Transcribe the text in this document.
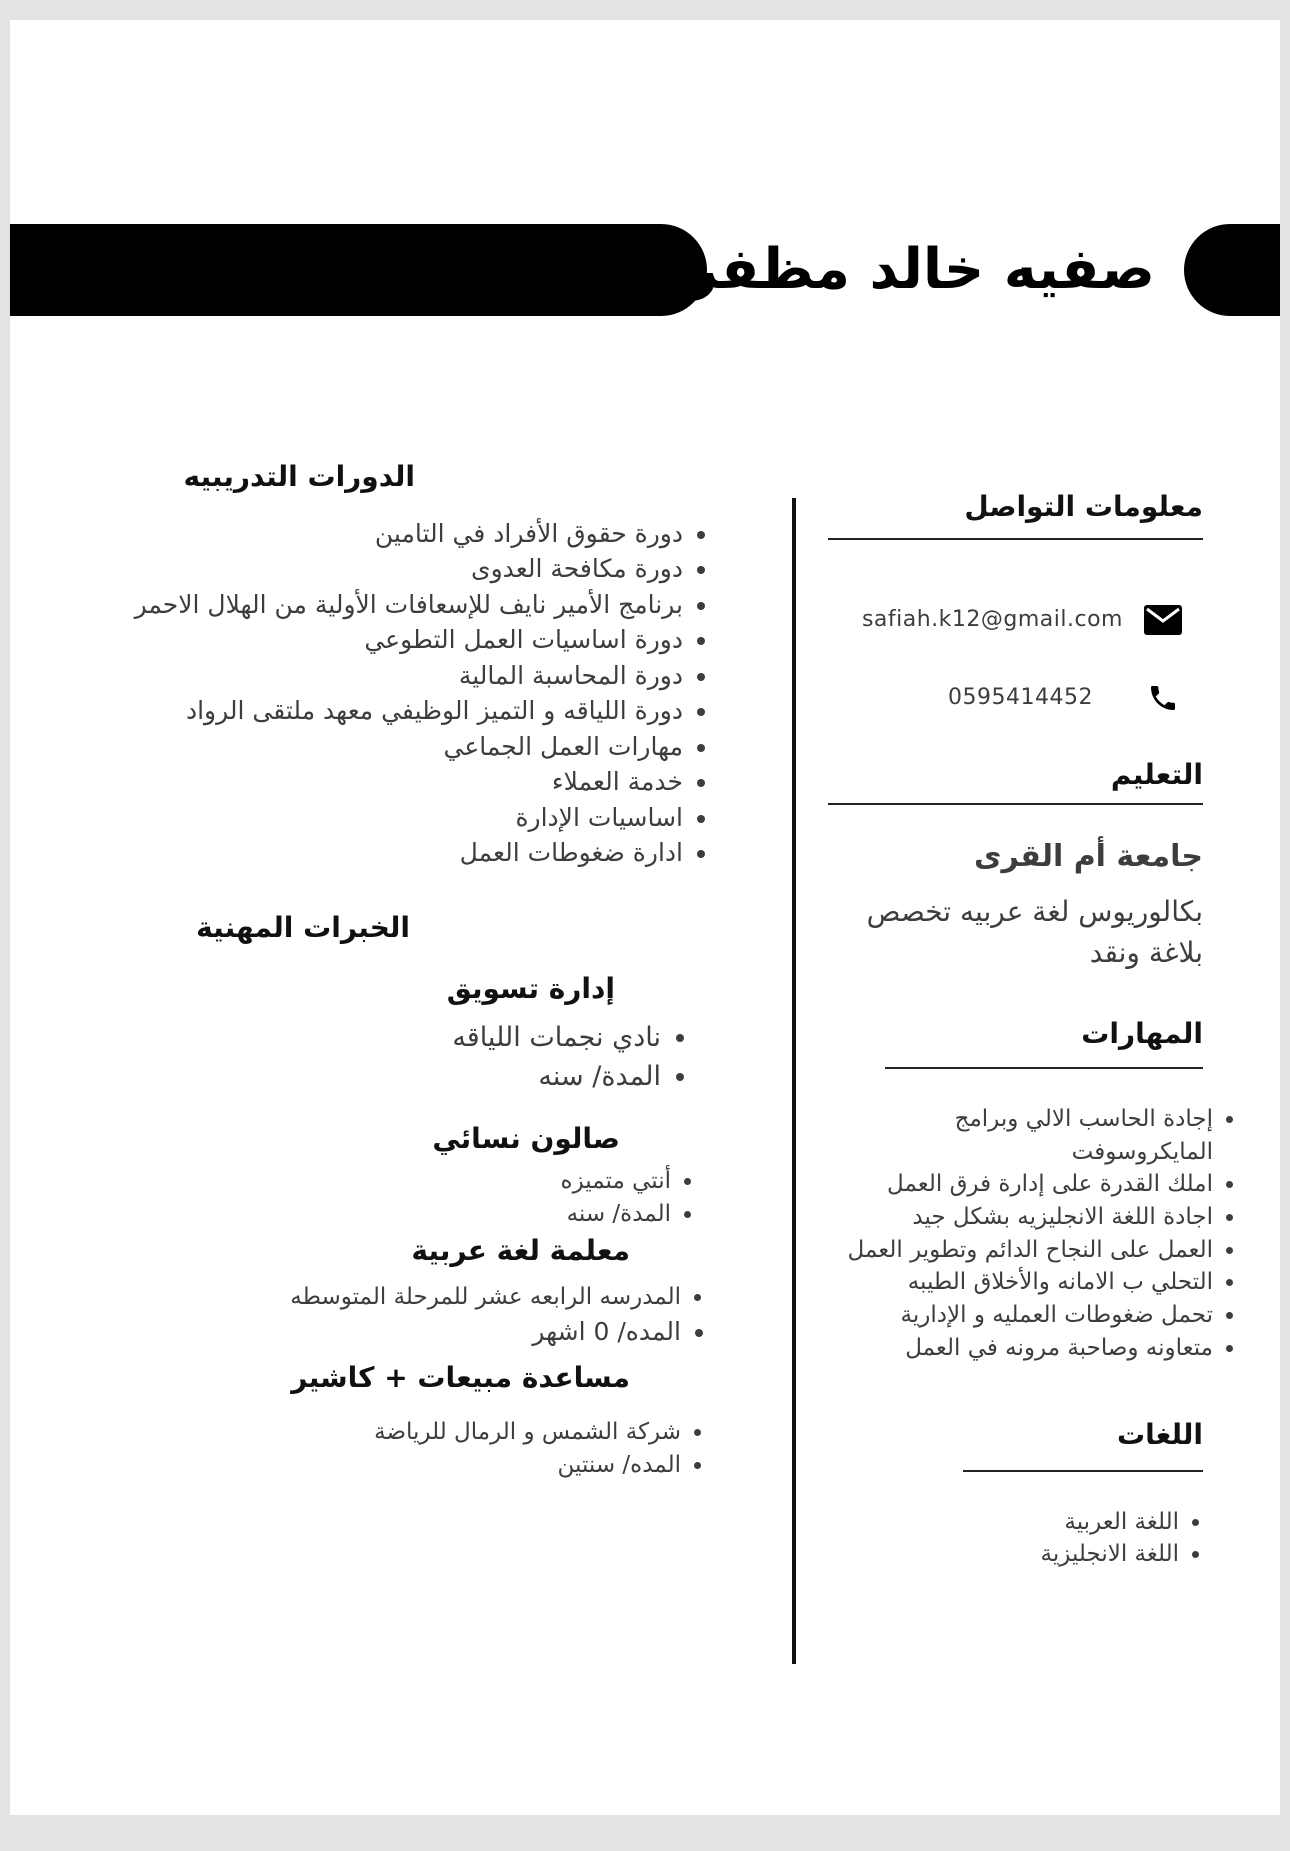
صفيه خالد مظفر
معلومات التواصل
safiah.k12@gmail.com
0595414452
التعليم
جامعة أم القرى
بكالوريوس لغة عربيه تخصص بلاغة ونقد
المهارات
• إجادة الحاسب الالي وبرامج المايكروسوفت
• املك القدرة على إدارة فرق العمل
• اجادة اللغة الانجليزيه بشكل جيد
• العمل على النجاح الدائم وتطوير العمل
• التحلي ب الامانه والأخلاق الطيبه
• تحمل ضغوطات العمليه و الإدارية
• متعاونه وصاحبة مرونه في العمل
اللغات
• اللغة العربية
• اللغة الانجليزية
الدورات التدريبيه
• دورة حقوق الأفراد في التامين
• دورة مكافحة العدوى
• برنامج الأمير نايف للإسعافات الأولية من الهلال الاحمر
• دورة اساسيات العمل التطوعي
• دورة المحاسبة المالية
• دورة اللياقه و التميز الوظيفي معهد ملتقى الرواد
• مهارات العمل الجماعي
• خدمة العملاء
• اساسيات الإدارة
• ادارة ضغوطات العمل
الخبرات المهنية
إدارة تسويق
• نادي نجمات اللياقه
• المدة/ سنه
صالون نسائي
• أنتي متميزه
• المدة/ سنه
معلمة لغة عربية
• المدرسه الرابعه عشر للمرحلة المتوسطه
• المده/ 0 اشهر
مساعدة مبيعات + كاشير
• شركة الشمس و الرمال للرياضة
• المده/ سنتين
